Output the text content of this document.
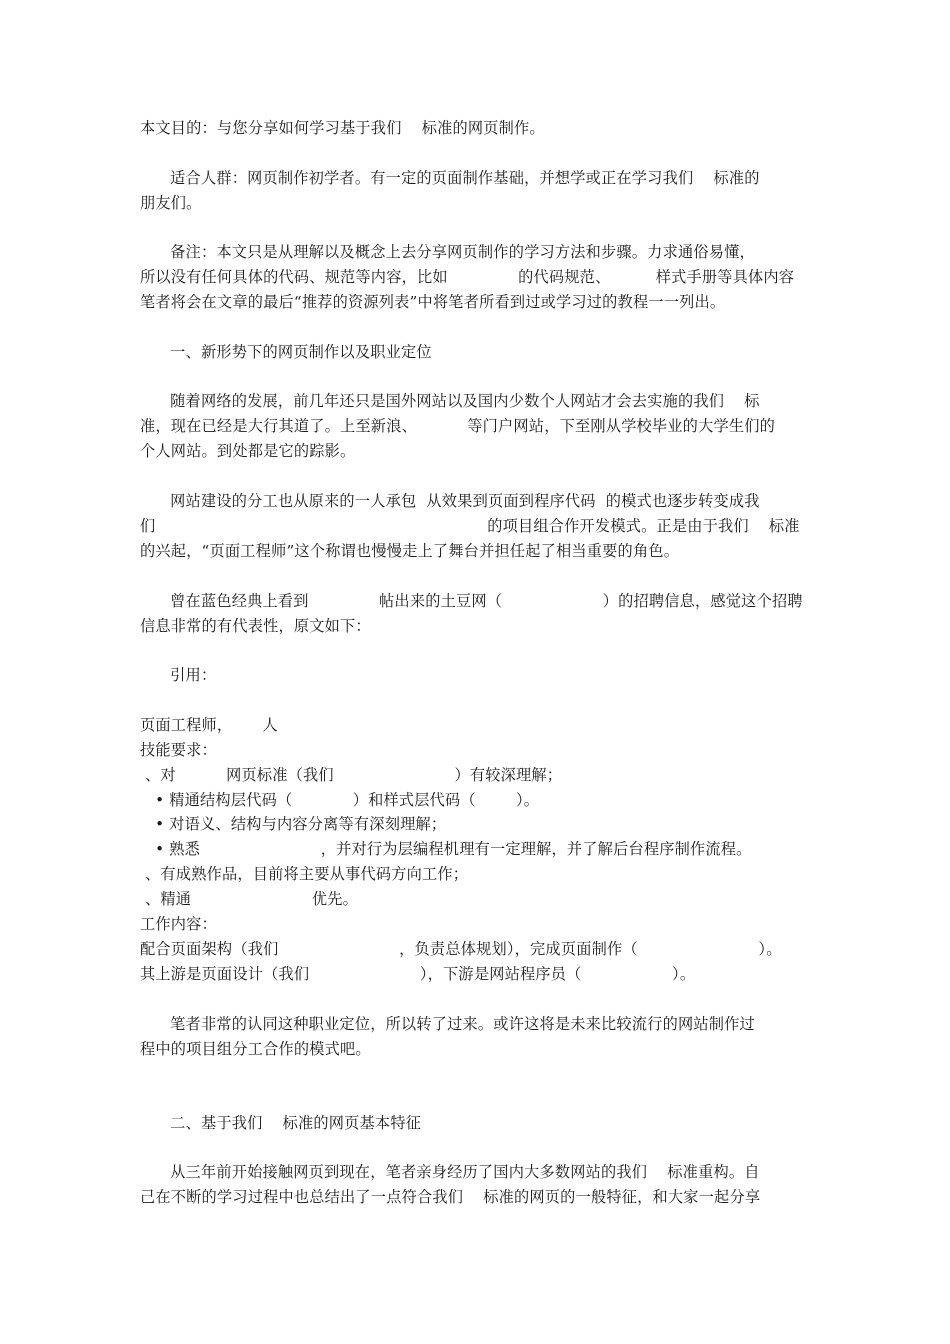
本文目的：与您分享如何学习基于我们    标准的网页制作。
适合人群：网页制作初学者。有一定的页面制作基础，并想学或正在学习我们    标准的
朋友们。
备注：本文只是从理解以及概念上去分享网页制作的学习方法和步骤。力求通俗易懂，
所以没有任何具体的代码、规范等内容，比如              的代码规范、         样式手册等具体内容
笔者将会在文章的最后“推荐的资源列表”中将笔者所看到过或学习过的教程一一列出。
一、新形势下的网页制作以及职业定位
随着网络的发展，前几年还只是国外网站以及国内少数个人网站才会去实施的我们    标
准，现在已经是大行其道了。上至新浪、          等门户网站，下至刚从学校毕业的大学生们的
个人网站。到处都是它的踪影。
网站建设的分工也从原来的一人承包  从效果到页面到程序代码  的模式也逐步转变成我
们                                                                  的项目组合作开发模式。正是由于我们    标准
的兴起，“页面工程师”这个称谓也慢慢走上了舞台并担任起了相当重要的角色。
曾在蓝色经典上看到              帖出来的土豆网（                    ）的招聘信息，感觉这个招聘
信息非常的有代表性，原文如下：
引用：
页面工程师，      人
技能要求：
、对          网页标准（我们                        ）有较深理解；
• 精通结构层代码（            ）和样式层代码（        ）。
• 对语义、结构与内容分离等有深刻理解；
• 熟悉                        ，并对行为层编程机理有一定理解，并了解后台程序制作流程。
、有成熟作品，目前将主要从事代码方向工作；
、精通                        优先。
工作内容：
配合页面架构（我们                        ，负责总体规划），完成页面制作（                        ）。
其上游是页面设计（我们                      ），下游是网站程序员（                  ）。
笔者非常的认同这种职业定位，所以转了过来。或许这将是未来比较流行的网站制作过
程中的项目组分工合作的模式吧。
二、基于我们    标准的网页基本特征
从三年前开始接触网页到现在，笔者亲身经历了国内大多数网站的我们    标准重构。自
己在不断的学习过程中也总结出了一点符合我们    标准的网页的一般特征，和大家一起分享
